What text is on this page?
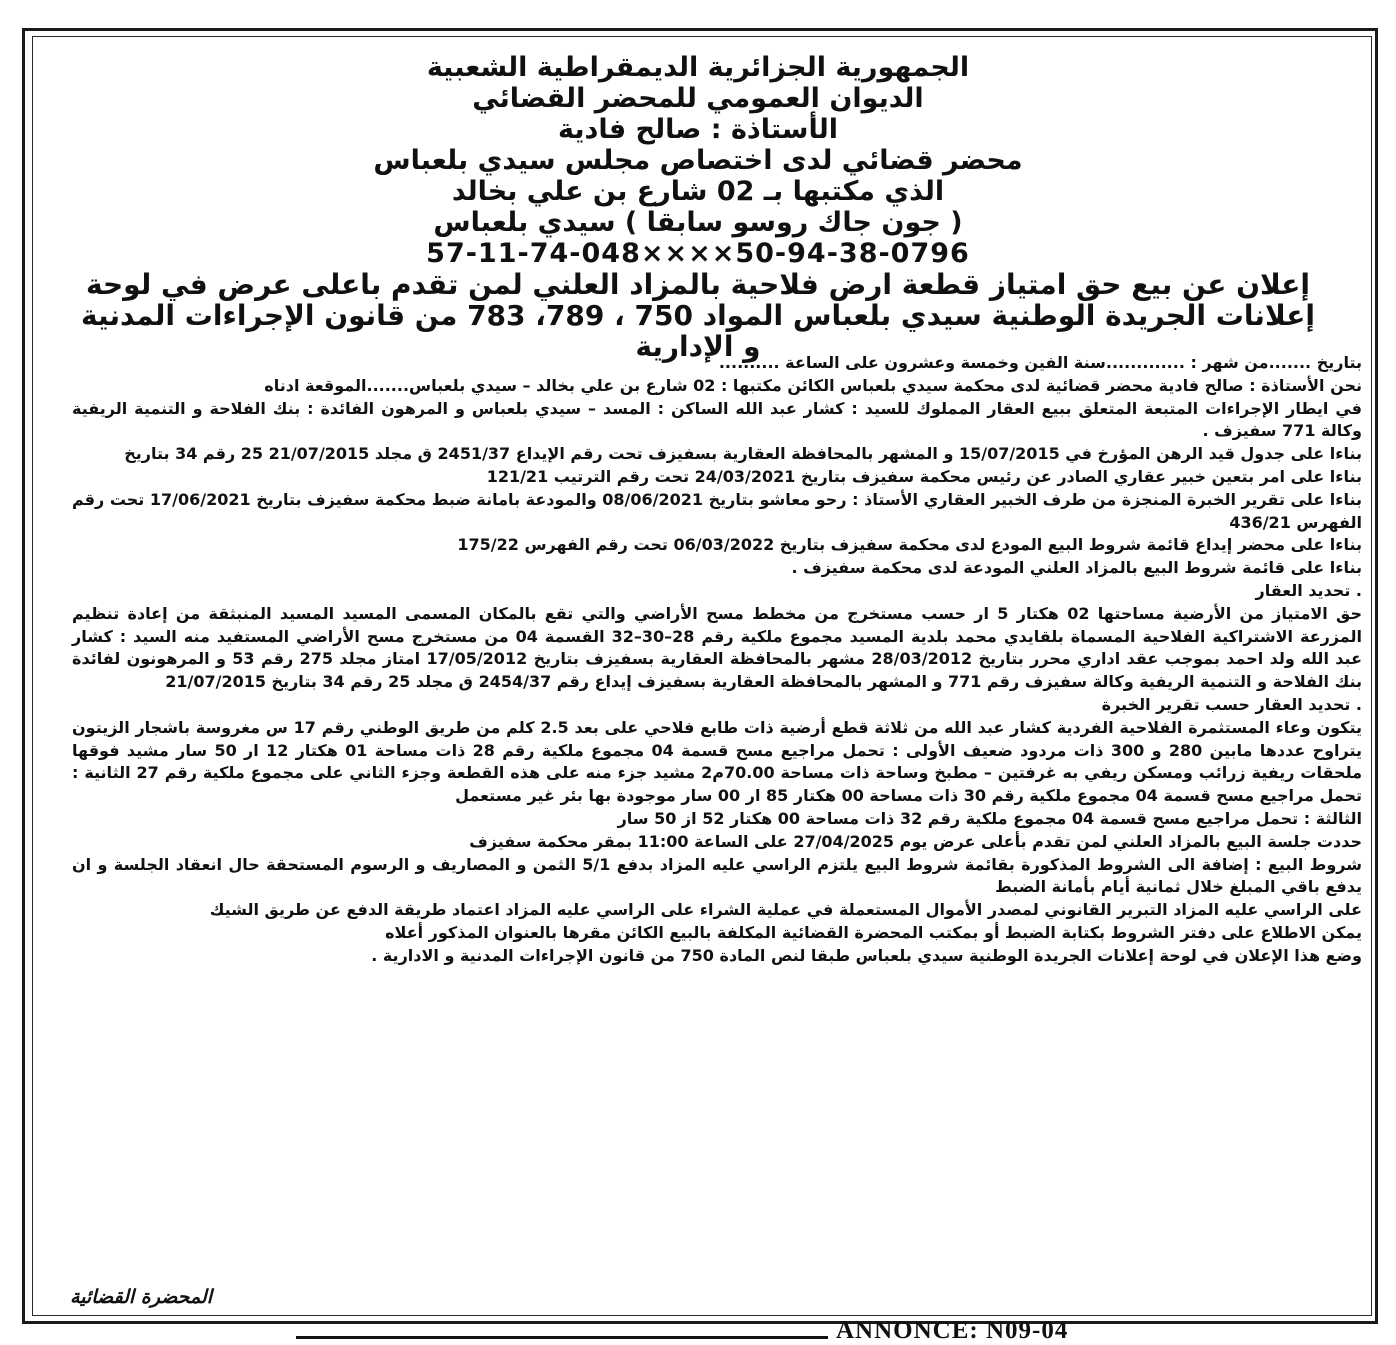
الجمهورية الجزائرية الديمقراطية الشعبية
الديوان العمومي للمحضر القضائي
الأستاذة : صالح فادية
محضر قضائي لدى اختصاص مجلس سيدي بلعباس
الذي مكتبها بـ 02 شارع بن علي بخالد
( جون جاك روسو سابقا ) سيدي بلعباس
57-11-74-048××××50-94-38-0796
إعلان عن بيع حق امتياز قطعة ارض فلاحية بالمزاد العلني لمن تقدم باعلى عرض في لوحة إعلانات الجريدة الوطنية سيدي بلعباس المواد 750 ، 789، 783 من قانون الإجراءات المدنية و الإدارية

بتاريخ .......من شهر : .............سنة الفين وخمسة وعشرون على الساعة ..........

نحن الأستاذة : صالح فادية محضر قضائية لدى محكمة سيدي بلعباس الكائن مكتبها : 02 شارع بن علي بخالد – سيدي بلعباس.......الموقعة ادناه

في ايطار الإجراءات المتبعة المتعلق ببيع العقار المملوك للسيد : كشار عبد الله الساكن : المسد – سيدي بلعباس و المرهون الفائدة : بنك الفلاحة و التنمية الريفية وكالة 771 سفيزف .

بناءا على جدول قيد الرهن المؤرخ في 15/07/2015 و المشهر بالمحافظة العقارية بسفيزف تحت رقم الإيداع 2451/37 ق مجلد 21/07/2015 25 رقم 34 بتاريخ

بناءا على امر بتعين خبير عقاري الصادر عن رئيس محكمة سفيزف بتاريخ 24/03/2021 تحت رقم الترتيب 121/21

بناءا على تقرير الخبرة المنجزة من طرف الخبير العقاري الأستاذ : رحو معاشو بتاريخ 08/06/2021 والمودعة بامانة ضبط محكمة سفيزف بتاريخ 17/06/2021 تحت رقم الفهرس 436/21

بناءا على محضر إيداع قائمة شروط البيع المودع لدى محكمة سفيزف بتاريخ 06/03/2022 تحت رقم الفهرس 175/22

بناءا على قائمة شروط البيع بالمزاد العلني المودعة لدى محكمة سفيزف .

. تحديد العقار

حق الامتياز من الأرضية مساحتها 02 هكتار 5 ار حسب مستخرج من مخطط مسح الأراضي والتي تقع بالمكان المسمى المسيد المسيد المنبثقة من إعادة تنظيم المزرعة الاشتراكية الفلاحية المسماة بلقايدي محمد بلدية المسيد مجموع ملكية رقم 28–30–32 القسمة 04 من مستخرج مسح الأراضي المستفيد منه السيد : كشار عبد الله ولد احمد بموجب عقد اداري محرر بتاريخ 28/03/2012 مشهر بالمحافظة العقارية بسفيزف بتاريخ 17/05/2012 امتاز مجلد 275 رقم 53 و المرهونون لفائدة بنك الفلاحة و التنمية الريفية وكالة سفيزف رقم 771 و المشهر بالمحافظة العقارية بسفيزف إيداع رقم 2454/37 ق مجلد 25 رقم 34 بتاريخ 21/07/2015

. تحديد العقار حسب تقرير الخبرة

يتكون وعاء المستثمرة الفلاحية الفردية كشار عبد الله من ثلاثة قطع أرضية ذات طابع فلاحي على بعد 2.5 كلم من طريق الوطني رقم 17 س مغروسة باشجار الزيتون يتراوح عددها مابين 280 و 300 ذات مردود ضعيف الأولى : تحمل مراجيع مسح قسمة 04 مجموع ملكية رقم 28 ذات مساحة 01 هكتار 12 ار 50 سار مشيد فوقها ملحقات ريفية زرائب ومسكن ريفي به غرفتين – مطبخ وساحة ذات مساحة 70.00م2 مشيد جزء منه على هذه القطعة وجزء الثاني على مجموع ملكية رقم 27 الثانية : تحمل مراجيع مسح قسمة 04 مجموع ملكية رقم 30 ذات مساحة 00 هكتار 85 ار 00 سار موجودة بها بئر غير مستعمل

الثالثة : تحمل مراجيع مسح قسمة 04 مجموع ملكية رقم 32 ذات مساحة 00 هكتار 52 از 50 سار

حددت جلسة البيع بالمزاد العلني لمن تقدم بأعلى عرض يوم 27/04/2025 على الساعة 11:00 بمقر محكمة سفيزف

شروط البيع : إضافة الى الشروط المذكورة بقائمة شروط البيع يلتزم الراسي عليه المزاد بدفع 5/1 الثمن و المصاريف و الرسوم المستحقة حال انعقاد الجلسة و ان يدفع باقي المبلغ خلال ثمانية أيام بأمانة الضبط

على الراسي عليه المزاد التبرير القانوني لمصدر الأموال المستعملة في عملية الشراء على الراسي عليه المزاد اعتماد طريقة الدفع عن طريق الشيك

يمكن الاطلاع على دفتر الشروط بكتابة الضبط أو بمكتب المحضرة القضائية المكلفة بالبيع الكائن مقرها بالعنوان المذكور أعلاه

وضع هذا الإعلان في لوحة إعلانات الجريدة الوطنية سيدي بلعباس طبقا لنص المادة 750 من قانون الإجراءات المدنية و الادارية .

المحضرة القضائية
ANNONCE: N09-04
